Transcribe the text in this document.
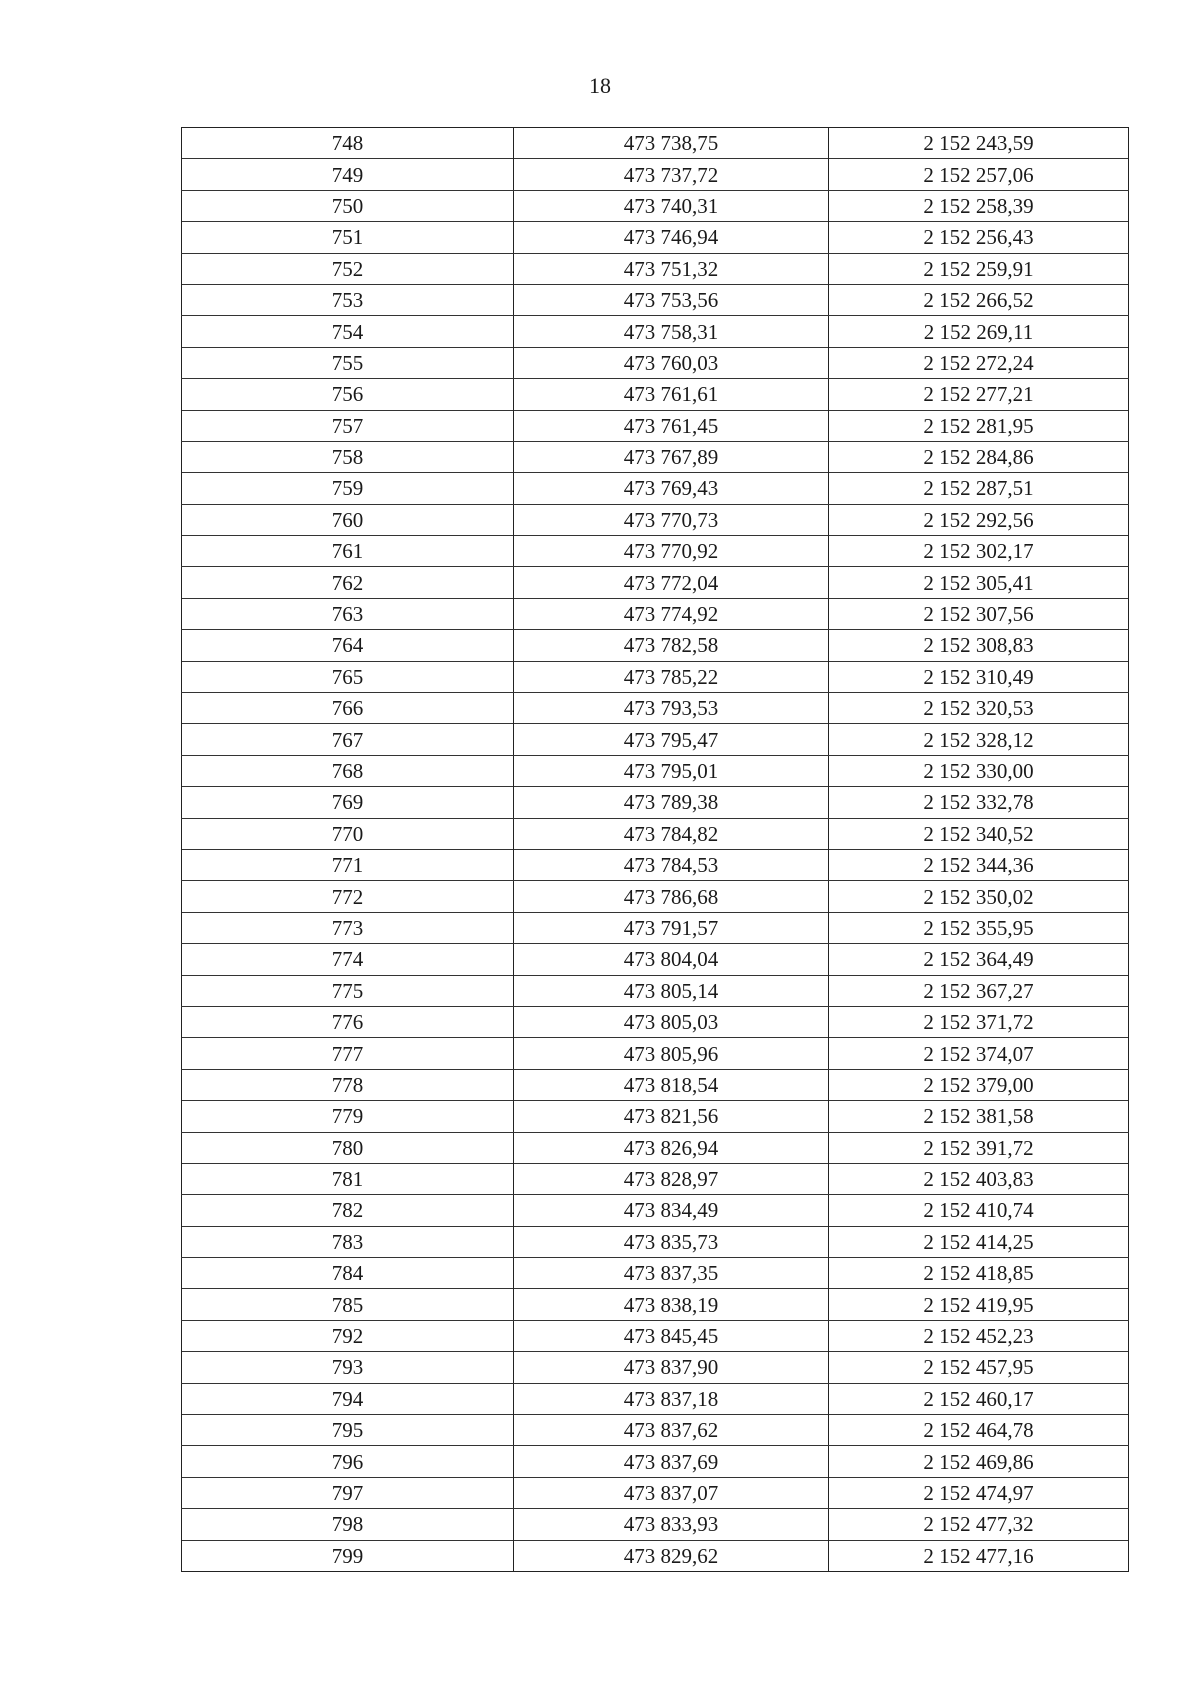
18
748	473 738,75	2 152 243,59
749	473 737,72	2 152 257,06
750	473 740,31	2 152 258,39
751	473 746,94	2 152 256,43
752	473 751,32	2 152 259,91
753	473 753,56	2 152 266,52
754	473 758,31	2 152 269,11
755	473 760,03	2 152 272,24
756	473 761,61	2 152 277,21
757	473 761,45	2 152 281,95
758	473 767,89	2 152 284,86
759	473 769,43	2 152 287,51
760	473 770,73	2 152 292,56
761	473 770,92	2 152 302,17
762	473 772,04	2 152 305,41
763	473 774,92	2 152 307,56
764	473 782,58	2 152 308,83
765	473 785,22	2 152 310,49
766	473 793,53	2 152 320,53
767	473 795,47	2 152 328,12
768	473 795,01	2 152 330,00
769	473 789,38	2 152 332,78
770	473 784,82	2 152 340,52
771	473 784,53	2 152 344,36
772	473 786,68	2 152 350,02
773	473 791,57	2 152 355,95
774	473 804,04	2 152 364,49
775	473 805,14	2 152 367,27
776	473 805,03	2 152 371,72
777	473 805,96	2 152 374,07
778	473 818,54	2 152 379,00
779	473 821,56	2 152 381,58
780	473 826,94	2 152 391,72
781	473 828,97	2 152 403,83
782	473 834,49	2 152 410,74
783	473 835,73	2 152 414,25
784	473 837,35	2 152 418,85
785	473 838,19	2 152 419,95
792	473 845,45	2 152 452,23
793	473 837,90	2 152 457,95
794	473 837,18	2 152 460,17
795	473 837,62	2 152 464,78
796	473 837,69	2 152 469,86
797	473 837,07	2 152 474,97
798	473 833,93	2 152 477,32
799	473 829,62	2 152 477,16
